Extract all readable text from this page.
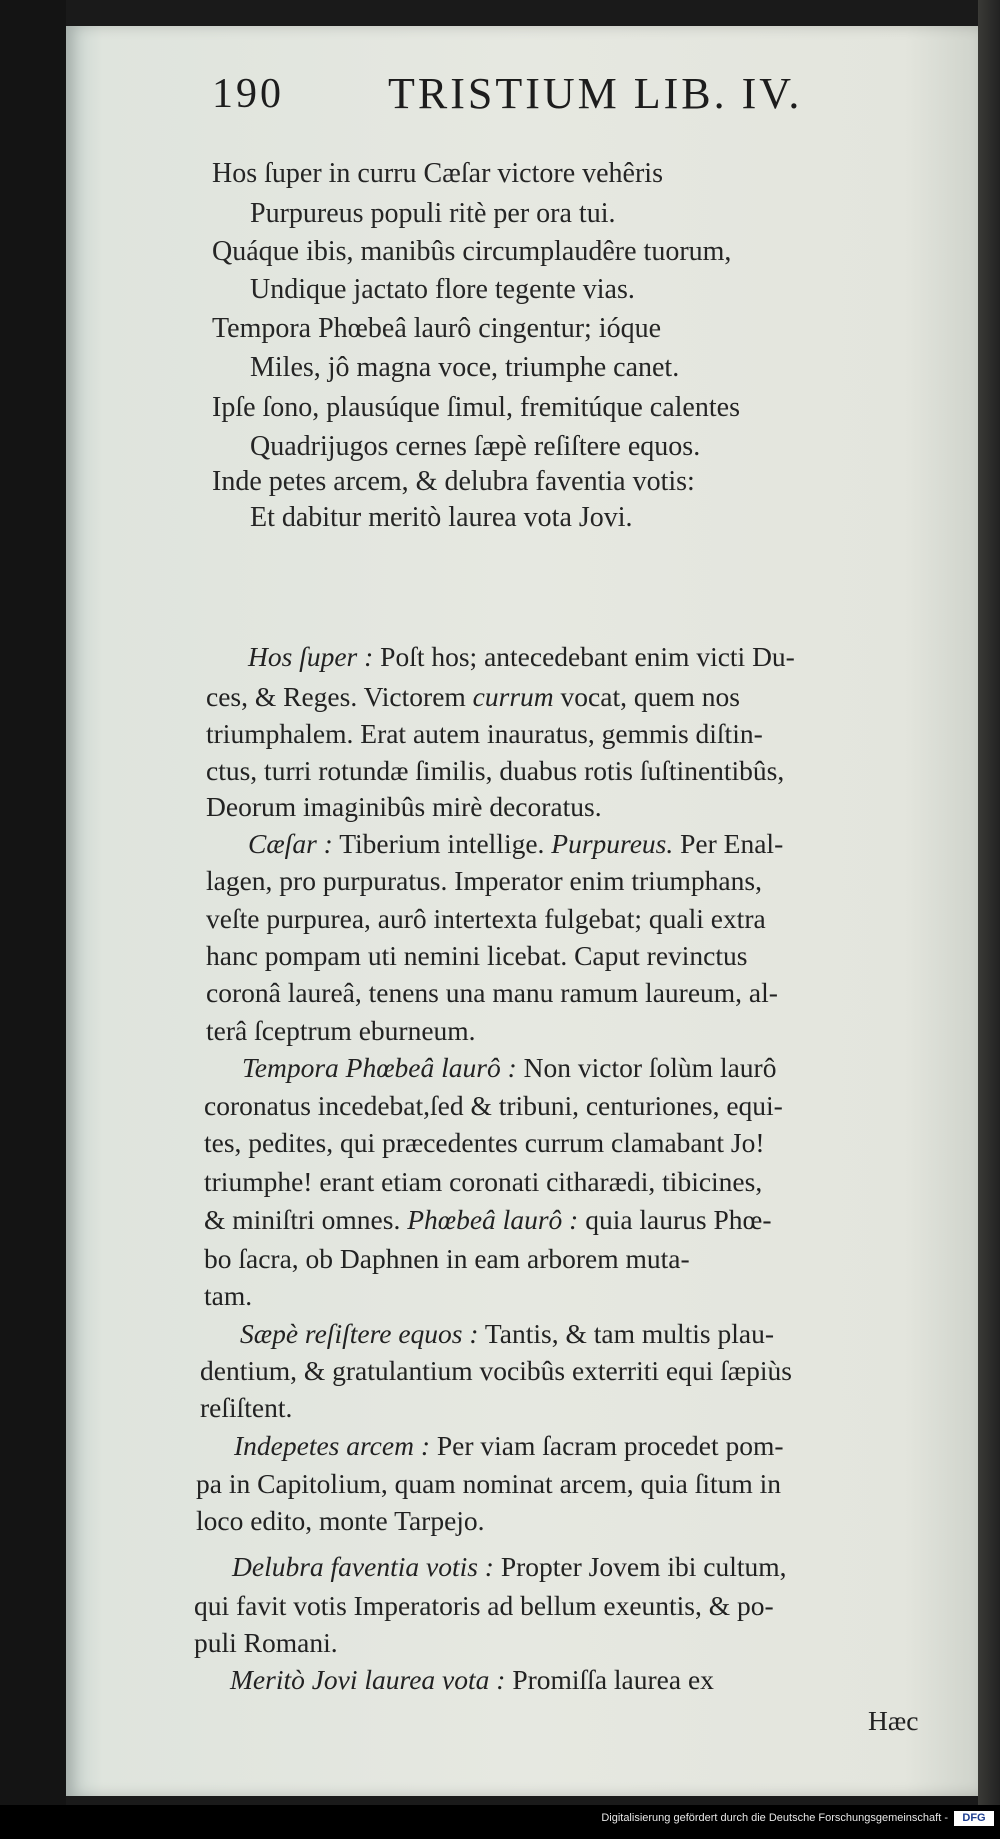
190 TRISTIUM LIB. IV.
Hos ſuper in curru Cæſar victore vehêris
Purpureus populi ritè per ora tui.
Quáque ibis, manibûs circumplaudêre tuorum,
Undique jactato flore tegente vias.
Tempora Phœbeâ laurô cingentur; ióque
Miles, jô magna voce, triumphe canet.
Ipſe ſono, plausúque ſimul, fremitúque calentes
Quadrijugos cernes ſæpè reſiſtere equos.
Inde petes arcem, & delubra faventia votis:
Et dabitur meritò laurea vota Jovi.
Hos ſuper : Poſt hos; antecedebant enim victi Du-
ces, & Reges. Victorem currum vocat, quem nos
triumphalem. Erat autem inauratus, gemmis diſtin-
ctus, turri rotundæ ſimilis, duabus rotis ſuſtinentibûs,
Deorum imaginibûs mirè decoratus.
Cæſar : Tiberium intellige. Purpureus. Per Enal-
lagen, pro purpuratus. Imperator enim triumphans,
veſte purpurea, aurô intertexta fulgebat; quali extra
hanc pompam uti nemini licebat. Caput revinctus
coronâ laureâ, tenens una manu ramum laureum, al-
terâ ſceptrum eburneum.
Tempora Phœbeâ laurô : Non victor ſolùm laurô
coronatus incedebat,ſed & tribuni, centuriones, equi-
tes, pedites, qui præcedentes currum clamabant Jo!
triumphe! erant etiam coronati citharædi, tibicines,
& miniſtri omnes. Phœbeâ laurô : quia laurus Phœ-
bo ſacra, ob Daphnen in eam arborem muta-
tam.
Sæpè reſiſtere equos : Tantis, & tam multis plau-
dentium, & gratulantium vocibûs exterriti equi ſæpiùs
reſiſtent.
Indepetes arcem : Per viam ſacram procedet pom-
pa in Capitolium, quam nominat arcem, quia ſitum in
loco edito, monte Tarpejo.
Delubra faventia votis : Propter Jovem ibi cultum,
qui favit votis Imperatoris ad bellum exeuntis, & po-
puli Romani.
Meritò Jovi laurea vota : Promiſſa laurea ex
Hæc
Digitalisierung gefördert durch die Deutsche Forschungsgemeinschaft -	DFG
